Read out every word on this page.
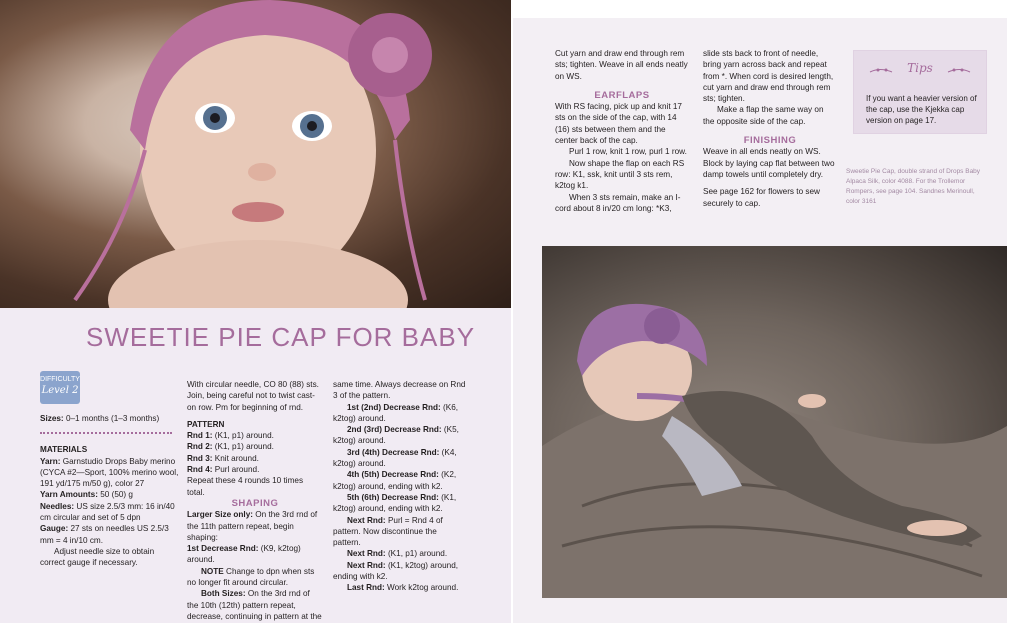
SWEETIE PIE CAP FOR BABY
DIFFICULTY
Level 2

Sizes: 0–1 months (1–3 months)

MATERIALS

Yarn: Garnstudio Drops Baby merino (CYCA #2—Sport, 100% merino wool, 191 yd/175 m/50 g), color 27

Yarn Amounts: 50 (50) g

Needles: US size 2.5/3 mm: 16 in/40 cm circular and set of 5 dpn

Gauge: 27 sts on needles US 2.5/3 mm = 4 in/10 cm.

Adjust needle size to obtain correct gauge if necessary.

With circular needle, CO 80 (88) sts. Join, being careful not to twist cast-on row. Pm for beginning of rnd.

PATTERN

Rnd 1: (K1, p1) around.

Rnd 2: (K1, p1) around.

Rnd 3: Knit around.

Rnd 4: Purl around.

Repeat these 4 rounds 10 times total.

SHAPING

Larger Size only: On the 3rd rnd of the 11th pattern repeat, begin shaping:

1st Decrease Rnd: (K9, k2tog) around.

NOTE Change to dpn when sts no longer fit around circular.

Both Sizes: On the 3rd rnd of the 10th (12th) pattern repeat, decrease, continuing in pattern at the

same time. Always decrease on Rnd 3 of the pattern.

1st (2nd) Decrease Rnd: (K6, k2tog) around.

2nd (3rd) Decrease Rnd: (K5, k2tog) around.

3rd (4th) Decrease Rnd: (K4, k2tog) around.

4th (5th) Decrease Rnd: (K2, k2tog) around, ending with k2.

5th (6th) Decrease Rnd: (K1, k2tog) around, ending with k2.

Next Rnd: Purl = Rnd 4 of pattern. Now discontinue the pattern.

Next Rnd: (K1, p1) around.

Next Rnd: (K1, k2tog) around, ending with k2.

Last Rnd: Work k2tog around.

Cut yarn and draw end through rem sts; tighten. Weave in all ends neatly on WS.

EARFLAPS

With RS facing, pick up and knit 17 sts on the side of the cap, with 14 (16) sts between them and the center back of the cap.

Purl 1 row, knit 1 row, purl 1 row.

Now shape the flap on each RS row: K1, ssk, knit until 3 sts rem, k2tog k1.

When 3 sts remain, make an I-cord about 8 in/20 cm long: *K3,

slide sts back to front of needle, bring yarn across back and repeat from *. When cord is desired length, cut yarn and draw end through rem sts; tighten.

Make a flap the same way on the opposite side of the cap.

FINISHING

Weave in all ends neatly on WS. Block by laying cap flat between two damp towels until completely dry.

See page 162 for flowers to sew securely to cap.

Tips
If you want a heavier version of the cap, use the Kjekka cap version on page 17.
Sweetie Pie Cap, double strand of Drops Baby Alpaca Silk, color 4088. For the Trollemor Rompers, see page 104. Sandnes Merinoull, color 3161
